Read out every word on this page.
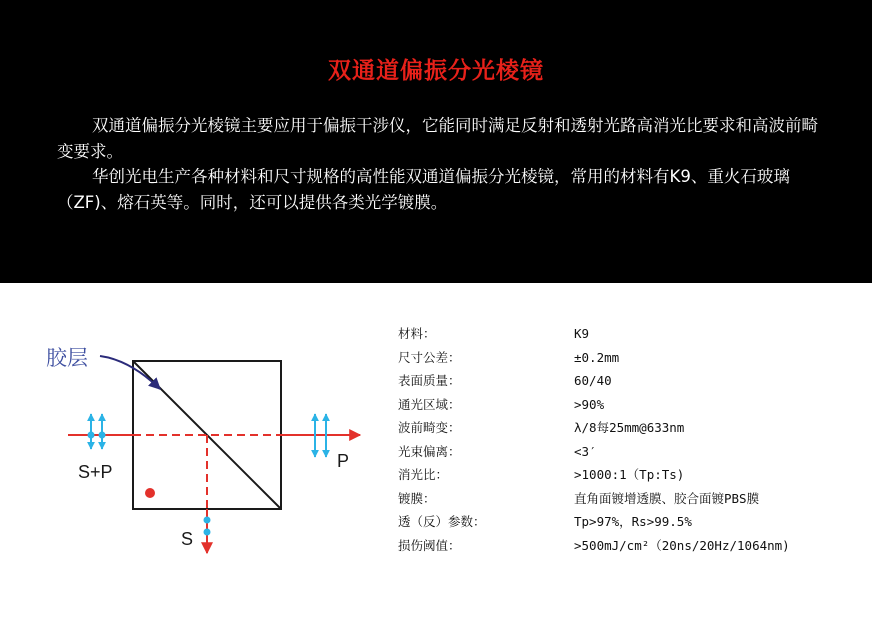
双通道偏振分光棱镜
双通道偏振分光棱镜主要应用于偏振干涉仪，它能同时满足反射和透射光路高消光比要求和高波前畸变要求。
华创光电生产各种材料和尺寸规格的高性能双通道偏振分光棱镜，常用的材料有K9、重火石玻璃（ZF)、熔石英等。同时，还可以提供各类光学镀膜。
胶层
S+P
P
S
材料：	K9
尺寸公差：	±0.2mm
表面质量：	60/40
通光区域：	>90%
波前畸变：	λ/8每25mm@633nm
光束偏离：	<3′
消光比：	>1000:1（Tp:Ts)
镀膜：	直角面镀增透膜、胶合面镀PBS膜
透（反）参数：	Tp>97%，Rs>99.5%
损伤阈值：	>500mJ/cm²（20ns/20Hz/1064nm)
